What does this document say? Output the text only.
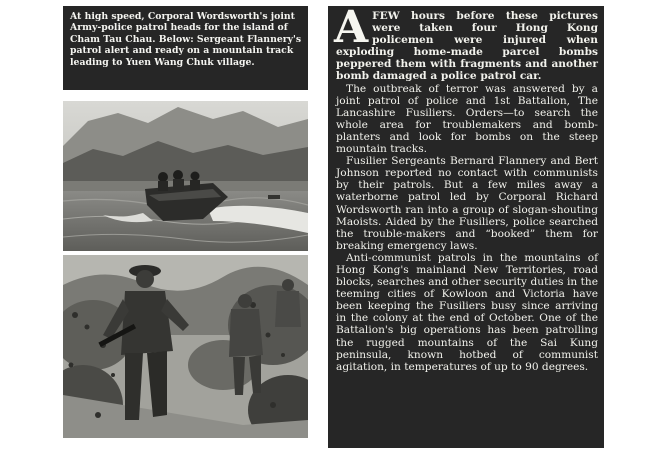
At high speed, Corporal Wordsworth's joint Army-police patrol heads for the island of Cham Tau Chau. Below: Sergeant Flannery's patrol alert and ready on a mountain track leading to Yuen Wang Chuk village.

A FEW hours before these pictures were taken four Hong Kong policemen were injured when exploding home-made parcel bombs peppered them with fragments and another bomb damaged a police patrol car.

The outbreak of terror was answered by a joint patrol of police and 1st Battalion, The Lancashire Fusiliers. Orders—to search the whole area for troublemakers and bomb-planters and look for bombs on the steep mountain tracks.

Fusilier Sergeants Bernard Flannery and Bert Johnson reported no contact with communists by their patrols. But a few miles away a waterborne patrol led by Corporal Richard Wordsworth ran into a group of slogan-shouting Maoists. Aided by the Fusiliers, police searched the trouble-makers and “booked” them for breaking emergency laws.

Anti-communist patrols in the mountains of Hong Kong's mainland New Territories, road blocks, searches and other security duties in the teeming cities of Kowloon and Victoria have been keeping the Fusiliers busy since arriving in the colony at the end of October. One of the Battalion's big operations has been patrolling the rugged mountains of the Sai Kung peninsula, known hotbed of communist agitation, in temperatures of up to 90 degrees.
